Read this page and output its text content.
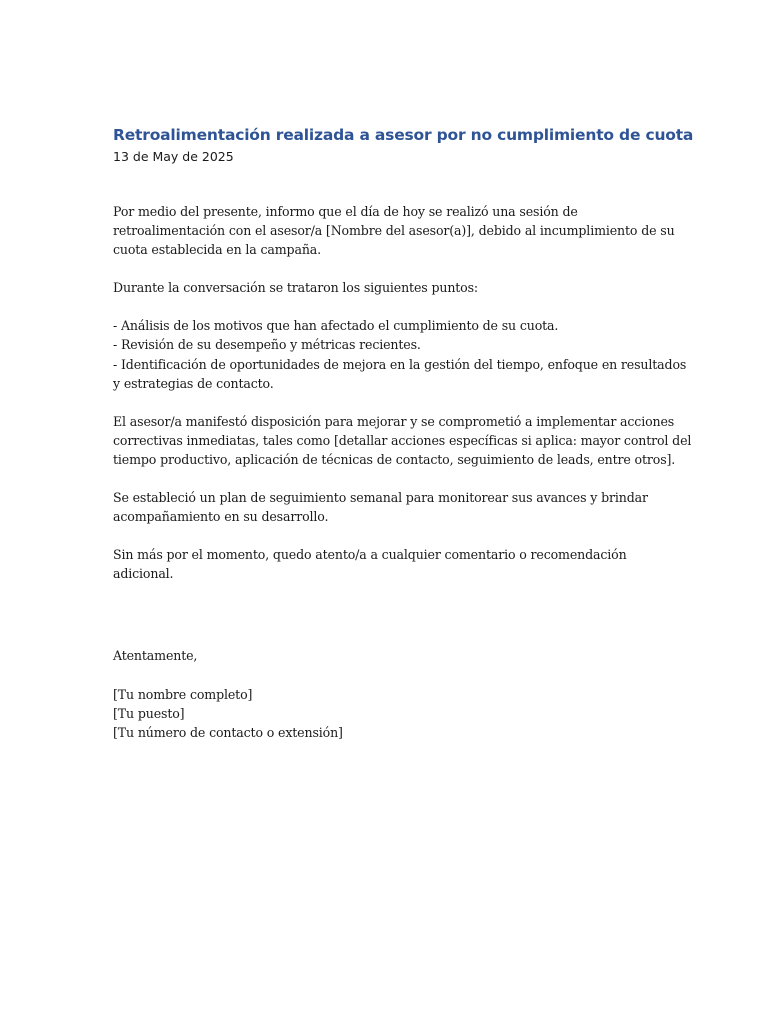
Retroalimentación realizada a asesor por no cumplimiento de cuota

13 de May de 2025

Por medio del presente, informo que el día de hoy se realizó una sesión de
retroalimentación con el asesor/a [Nombre del asesor(a)], debido al incumplimiento de su
cuota establecida en la campaña.

Durante la conversación se trataron los siguientes puntos:

- Análisis de los motivos que han afectado el cumplimiento de su cuota.
- Revisión de su desempeño y métricas recientes.
- Identificación de oportunidades de mejora en la gestión del tiempo, enfoque en resultados
y estrategias de contacto.

El asesor/a manifestó disposición para mejorar y se comprometió a implementar acciones
correctivas inmediatas, tales como [detallar acciones específicas si aplica: mayor control del
tiempo productivo, aplicación de técnicas de contacto, seguimiento de leads, entre otros].

Se estableció un plan de seguimiento semanal para monitorear sus avances y brindar
acompañamiento en su desarrollo.

Sin más por el momento, quedo atento/a a cualquier comentario o recomendación
adicional.

Atentamente,

[Tu nombre completo]
[Tu puesto]
[Tu número de contacto o extensión]
